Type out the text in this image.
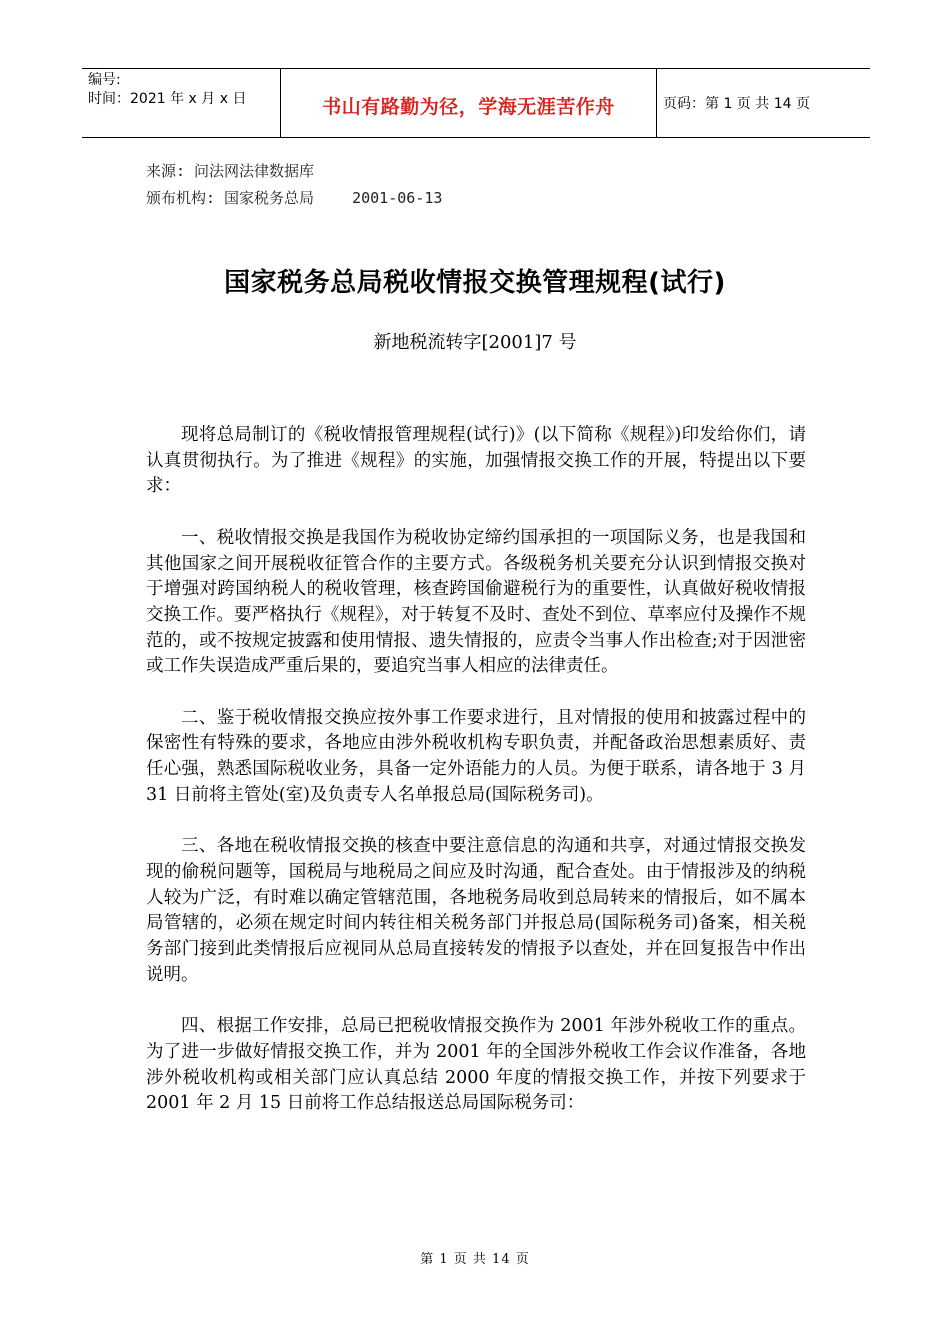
编号:
时间：2021 年 x 月 x 日	书山有路勤为径，学海无涯苦作舟	页码：第 1 页 共 14 页
来源: 问法网法律数据库
颁布机构: 国家税务总局	2001-06-13
国家税务总局税收情报交换管理规程(试行)
新地税流转字[2001]7 号

现将总局制订的《税收情报管理规程(试行)》(以下简称《规程》)印发给你们，请认真贯彻执行。为了推进《规程》的实施，加强情报交换工作的开展，特提出以下要求：

一、税收情报交换是我国作为税收协定缔约国承担的一项国际义务，也是我国和其他国家之间开展税收征管合作的主要方式。各级税务机关要充分认识到情报交换对于增强对跨国纳税人的税收管理，核查跨国偷避税行为的重要性，认真做好税收情报交换工作。要严格执行《规程》，对于转复不及时、查处不到位、草率应付及操作不规范的，或不按规定披露和使用情报、遗失情报的，应责令当事人作出检查;对于因泄密或工作失误造成严重后果的，要追究当事人相应的法律责任。

二、鉴于税收情报交换应按外事工作要求进行，且对情报的使用和披露过程中的保密性有特殊的要求，各地应由涉外税收机构专职负责，并配备政治思想素质好、责任心强，熟悉国际税收业务，具备一定外语能力的人员。为便于联系，请各地于 3 月 31 日前将主管处(室)及负责专人名单报总局(国际税务司)。

三、各地在税收情报交换的核查中要注意信息的沟通和共享，对通过情报交换发现的偷税问题等，国税局与地税局之间应及时沟通，配合查处。由于情报涉及的纳税人较为广泛，有时难以确定管辖范围，各地税务局收到总局转来的情报后，如不属本局管辖的，必须在规定时间内转往相关税务部门并报总局(国际税务司)备案，相关税务部门接到此类情报后应视同从总局直接转发的情报予以查处，并在回复报告中作出说明。

四、根据工作安排，总局已把税收情报交换作为 2001 年涉外税收工作的重点。为了进一步做好情报交换工作，并为 2001 年的全国涉外税收工作会议作准备，各地涉外税收机构或相关部门应认真总结 2000 年度的情报交换工作，并按下列要求于 2001 年 2 月 15 日前将工作总结报送总局国际税务司：

第 1 页 共 14 页
